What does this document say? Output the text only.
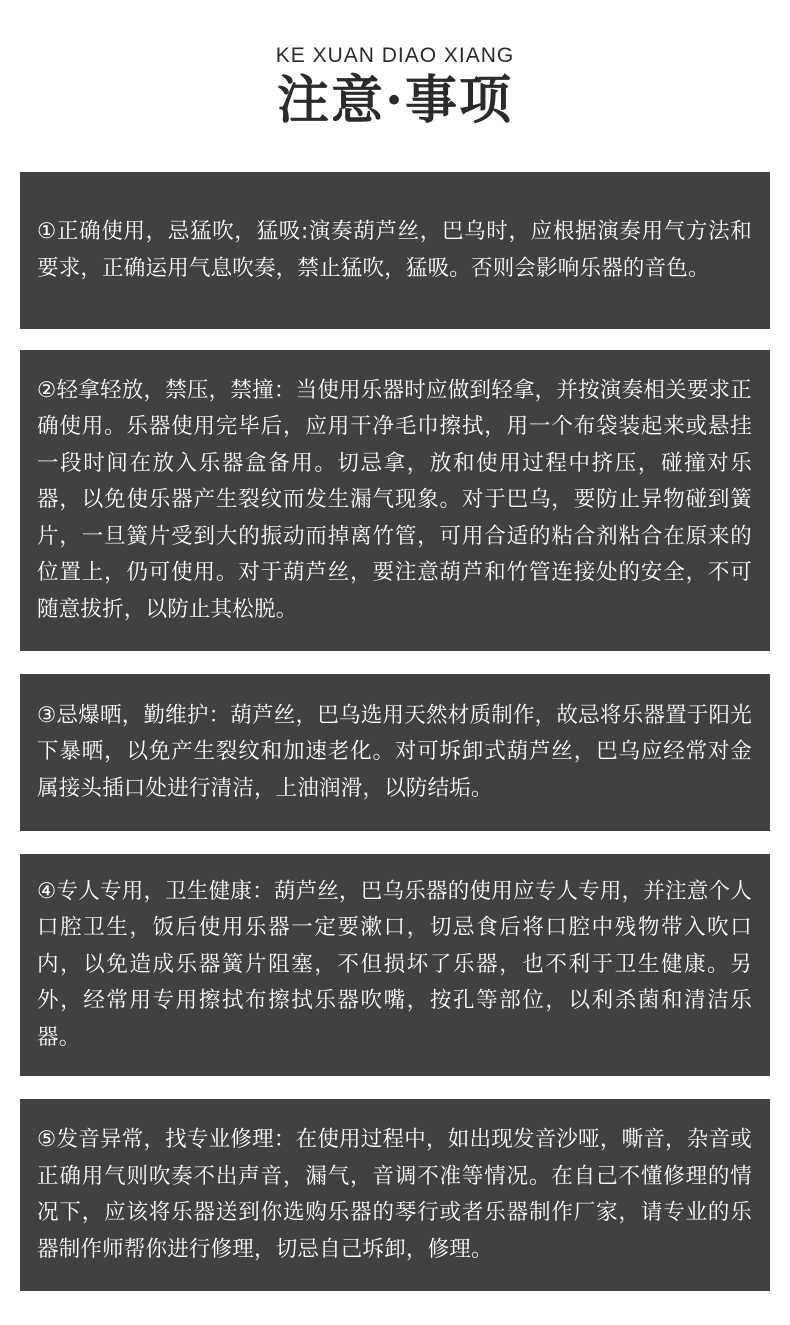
KE XUAN DIAO XIANG
注意·事项

①正确使用，忌猛吹，猛吸:演奏葫芦丝，巴乌时，应根据演奏用气方法和要求，正确运用气息吹奏，禁止猛吹，猛吸。否则会影响乐器的音色。

②轻拿轻放，禁压，禁撞：当使用乐器时应做到轻拿，并按演奏相关要求正确使用。乐器使用完毕后，应用干净毛巾擦拭，用一个布袋装起来或悬挂一段时间在放入乐器盒备用。切忌拿，放和使用过程中挤压，碰撞对乐器，以免使乐器产生裂纹而发生漏气现象。对于巴乌，要防止异物碰到簧片，一旦簧片受到大的振动而掉离竹管，可用合适的粘合剂粘合在原来的位置上，仍可使用。对于葫芦丝，要注意葫芦和竹管连接处的安全，不可随意拔折，以防止其松脱。

③忌爆晒，勤维护：葫芦丝，巴乌选用天然材质制作，故忌将乐器置于阳光下暴晒，以免产生裂纹和加速老化。对可坼卸式葫芦丝，巴乌应经常对金属接头插口处进行清洁，上油润滑，以防结垢。

④专人专用，卫生健康：葫芦丝，巴乌乐器的使用应专人专用，并注意个人口腔卫生，饭后使用乐器一定要漱口，切忌食后将口腔中残物带入吹口内，以免造成乐器簧片阻塞，不但损坏了乐器，也不利于卫生健康。另外，经常用专用擦拭布擦拭乐器吹嘴，按孔等部位，以利杀菌和清洁乐器。

⑤发音异常，找专业修理：在使用过程中，如出现发音沙哑，嘶音，杂音或正确用气则吹奏不出声音，漏气，音调不准等情况。在自己不懂修理的情况下，应该将乐器送到你选购乐器的琴行或者乐器制作厂家，请专业的乐器制作师帮你进行修理，切忌自己坼卸，修理。
